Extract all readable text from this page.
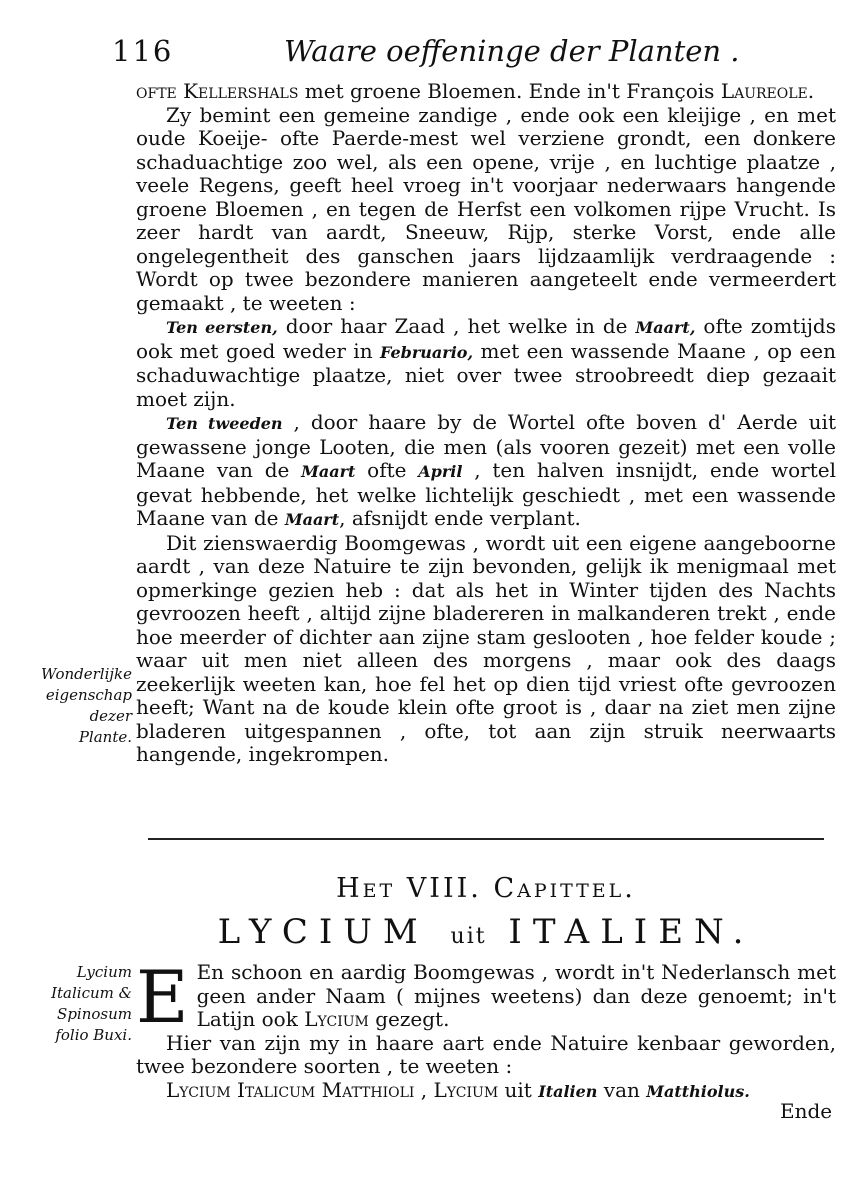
116	Waare oeffeninge der Planten .

ofte Kellershals met groene Bloemen. Ende in't François Laureole.

Zy bemint een gemeine zandige , ende ook een kleijige , en met oude Koeije- ofte Paerde-mest wel verziene grondt, een donkere schaduachtige zoo wel, als een opene, vrije , en luchtige plaatze , veele Regens, geeft heel vroeg in't voorjaar nederwaars hangende groene Bloemen , en tegen de Herfst een volkomen rijpe Vrucht. Is zeer hardt van aardt, Sneeuw, Rijp, sterke Vorst, ende alle ongelegentheit des ganschen jaars lijdzaamlijk verdraagende : Wordt op twee bezondere manieren aangeteelt ende vermeerdert gemaakt , te weeten :

Ten eersten, door haar Zaad , het welke in de Maart, ofte zomtijds ook met goed weder in Februario, met een wassende Maane , op een schaduwachtige plaatze, niet over twee stroobreedt diep gezaait moet zijn.

Ten tweeden , door haare by de Wortel ofte boven d' Aerde uit gewassene jonge Looten, die men (als vooren gezeit) met een volle Maane van de Maart ofte April , ten halven insnijdt, ende wortel gevat hebbende, het welke lichtelijk geschiedt , met een wassende Maane van de Maart, afsnijdt ende verplant.

Dit zienswaerdig Boomgewas , wordt uit een eigene aangeboorne aardt , van deze Natuire te zijn bevonden, gelijk ik menigmaal met opmerkinge gezien heb : dat als het in Winter tijden des Nachts gevroozen heeft , altijd zijne bladereren in malkanderen trekt , ende hoe meerder of dichter aan zijne stam geslooten , hoe felder koude ; waar uit men niet alleen des morgens , maar ook des daags zeekerlijk weeten kan, hoe fel het op dien tijd vriest ofte gevroozen heeft; Want na de koude klein ofte groot is , daar na ziet men zijne bladeren uitgespannen , ofte, tot aan zijn struik neerwaarts hangende, ingekrompen.

Wonderlijke eigenschap dezer Plante.
Het VIII. Capittel.
LYCIUM uit ITALIEN.
Lycium Italicum & Spinosum folio Buxi. E En schoon en aardig Boomgewas , wordt in't Nederlansch met geen ander Naam ( mijnes weetens) dan deze genoemt; in't Latijn ook Lycium gezegt.

Hier van zijn my in haare aart ende Natuire kenbaar geworden, twee bezondere soorten , te weeten :

Lycium Italicum Matthioli , Lycium uit Italien van Matthiolus.

Ende
